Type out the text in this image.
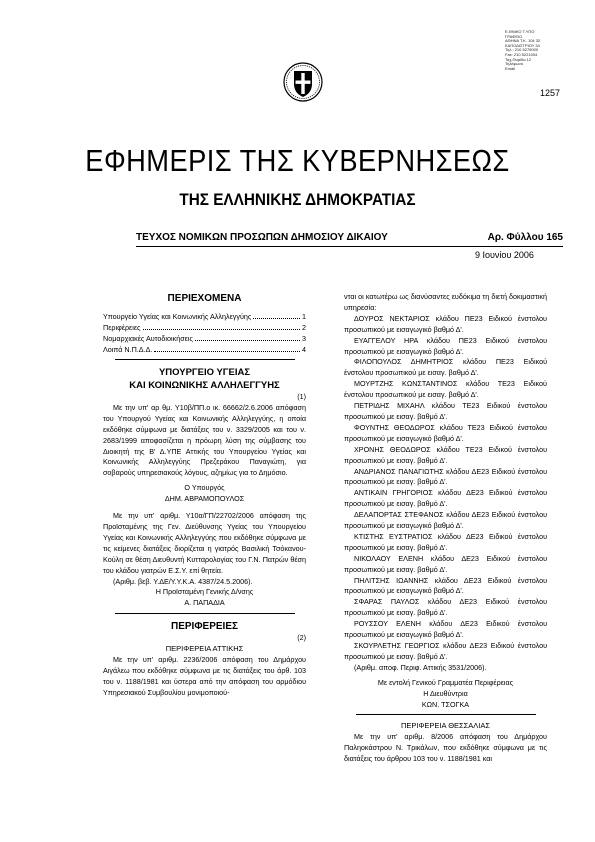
Ε.ΘΝΙΚΟ Τ.ΥΠΟ
ΓΡΑΦΕΙΟ
ΑΘΗΝΑ Τ.Κ. 104 32
ΚΑΠΟΔΙΣΤΡΙΟΥ 34
Τηλ.: 210 5279000
Fax: 210 5221004
Ταχ.Θυρίδα 12
Τηλέφωνο
Email
1257
ΕΦΗΜΕΡΙΣ ΤΗΣ ΚΥΒΕΡΝΗΣΕΩΣ
ΤΗΣ ΕΛΛΗΝΙΚΗΣ ΔΗΜΟΚΡΑΤΙΑΣ
ΤΕΥΧΟΣ ΝΟΜΙΚΩΝ ΠΡΟΣΩΠΩΝ ΔΗΜΟΣΙΟΥ ΔΙΚΑΙΟΥ	Αρ. Φύλλου 165
9 Ιουνίου 2006
ΠΕΡΙΕΧΟΜΕΝΑ
Υπουργείο Υγείας και Κοινωνικής Αλληλεγγύης	1
Περιφέρειες	2
Νομαρχιακές Αυτοδιοικήσεις	3
Λοιπά Ν.Π.Δ.Δ.	4
ΥΠΟΥΡΓΕΙΟ ΥΓΕΙΑΣ
ΚΑΙ ΚΟΙΝΩΝΙΚΗΣ ΑΛΛΗΛΕΓΓΥΗΣ
(1)
Με την υπ' αρ θμ. Υ10β/ΠΠ.ο ικ. 66662/2.6.2006 απόφαση του Υπουργού Υγείας και Κοινωνικής Αλληλεγγύης, η οποία εκδόθηκε σύμφωνα με διατάξεις του ν. 3329/2005 και του ν. 2683/1999 αποφασίζεται η πρόωρη λύση της σύμβασης του Διοικητή της Β' Δ.ΥΠΕ Αττικής του Υπουργείου Υγείας και Κοινωνικής Αλληλεγγύης Πρεζεράκου Παναγιώτη, για σοβαρούς υπηρεσιακούς λόγους, αζημίως για το Δημόσιο.
Ο Υπουργός
ΔΗΜ. ΑΒΡΑΜΟΠΟΥΛΟΣ
Με την υπ' αριθμ. Υ10α/ΓΠ/22702/2006 απόφαση της Προϊσταμένης της Γεν. Διεύθυνσης Υγείας του Υπουργείου Υγείας και Κοινωνικής Αλληλεγγύης που εκδόθηκε σύμφωνα με τις κείμενες διατάξεις διορίζεται η γιατρός Βασιλική Τσόκανου-Κούλη σε θέση Διευθυντή Κυτταρολογίας του Γ.Ν. Πατρών θέση του κλάδου γιατρών Ε.Σ.Υ. επί θητεία.
(Αριθμ. βεβ. Υ.ΔΕ/Υ.Υ.Κ.Α. 4387/24.5.2006).
Η Προϊσταμένη Γενικής Δ/νσης
Α. ΠΑΠΑΔΙΑ
ΠΕΡΙΦΕΡΕΙΕΣ
(2)
ΠΕΡΙΦΕΡΕΙΑ ΑΤΤΙΚΗΣ
Με την υπ' αριθμ. 2236/2006 απόφαση του Δημάρχου Αιγάλεω που εκδόθηκε σύμφωνα με τις διατάξεις του άρθ. 103 του ν. 1188/1981 και ύστερα από την απόφαση του αρμόδιου Υπηρεσιακού Συμβουλίου μονιμοποιού-
νται οι κατωτέρω ως διανύσαντες ευδόκιμα τη διετή δοκιμαστική υπηρεσία:
ΔΟΥΡΟΣ ΝΕΚΤΑΡΙΟΣ κλάδου ΠΕ23 Ειδικού ένστολου προσωπικού με εισαγωγικό βαθμό Δ'.
ΕΥΑΓΓΕΛΟΥ ΗΡΑ κλάδου ΠΕ23 Ειδικού ένστολου προσωπικού με εισαγωγικό βαθμό Δ'.
ΦΙΛΟΠΟΥΛΟΣ ΔΗΜΗΤΡΙΟΣ κλάδου ΠΕ23 Ειδικού ένστολου προσωπικού με εισαγ. βαθμό Δ'.
ΜΟΥΡΤΖΗΣ ΚΩΝΣΤΑΝΤΙΝΟΣ κλάδου ΤΕ23 Ειδικού ένστολου προσωπικού με εισαγ. βαθμό Δ'.
ΠΕΤΡΙΔΗΣ ΜΙΧΑΗΛ κλάδου ΤΕ23 Ειδικού ένστολου προσωπικού με εισαγ. βαθμό Δ'.
ΦΟΥΝΤΗΣ ΘΕΟΔΩΡΟΣ κλάδου ΤΕ23 Ειδικού ένστολου προσωπικού με εισαγωγικό βαθμό Δ'.
ΧΡΟΝΗΣ ΘΕΟΔΩΡΟΣ κλάδου ΤΕ23 Ειδικού ένστολου προσωπικού με εισαγ. βαθμό Δ'.
ΑΝΔΡΙΑΝΟΣ ΠΑΝΑΓΙΩΤΗΣ κλάδου ΔΕ23 Ειδικού ένστολου προσωπικού με εισαγ. βαθμό Δ'.
ΑΝΤΙΚΑΙΝ ΓΡΗΓΟΡΙΟΣ κλάδου ΔΕ23 Ειδικού ένστολου προσωπικού με εισαγ. βαθμό Δ'.
ΔΕΛΑΠΟΡΤΑΣ ΣΤΕΦΑΝΟΣ κλάδου ΔΕ23 Ειδικού ένστολου προσωπικού με εισαγωγικό βαθμό Δ'.
ΚΤΙΣΤΗΣ ΕΥΣΤΡΑΤΙΟΣ κλάδου ΔΕ23 Ειδικού ένστολου προσωπικού με εισαγ. βαθμό Δ'.
ΝΙΚΟΛΑΟΥ ΕΛΕΝΗ κλάδου ΔΕ23 Ειδικού ένστολου προσωπικού με εισαγ. βαθμό Δ'.
ΠΗΛΙΤΣΗΣ ΙΩΑΝΝΗΣ κλάδου ΔΕ23 Ειδικού ένστολου προσωπικού με εισαγωγικό βαθμό Δ'.
ΣΦΑΡΑΣ ΠΑΥΛΟΣ κλάδου ΔΕ23 Ειδικού ένστολου προσωπικού με εισαγ. βαθμό Δ'.
ΡΟΥΣΣΟΥ ΕΛΕΝΗ κλάδου ΔΕ23 Ειδικού ένστολου προσωπικού με εισαγωγικό βαθμό Δ'.
ΣΚΟΥΡΛΕΤΗΣ ΓΕΩΡΓΙΟΣ κλάδου ΔΕ23 Ειδικού ένστολου προσωπικού με εισαγ. βαθμό Δ'.
(Αριθμ. αποφ. Περιφ. Αττικής 3531/2006).
Με εντολή Γενικού Γραμματέα Περιφέρειας
Η Διευθύντρια
ΚΩΝ. ΤΣΟΓΚΑ
ΠΕΡΙΦΕΡΕΙΑ ΘΕΣΣΑΛΙΑΣ
Με την υπ' αριθμ. 8/2006 απόφαση του Δημάρχου Παληοκάστρου Ν. Τρικάλων, που εκδόθηκε σύμφωνα με τις διατάξεις του άρθρου 103 του ν. 1188/1981 και
